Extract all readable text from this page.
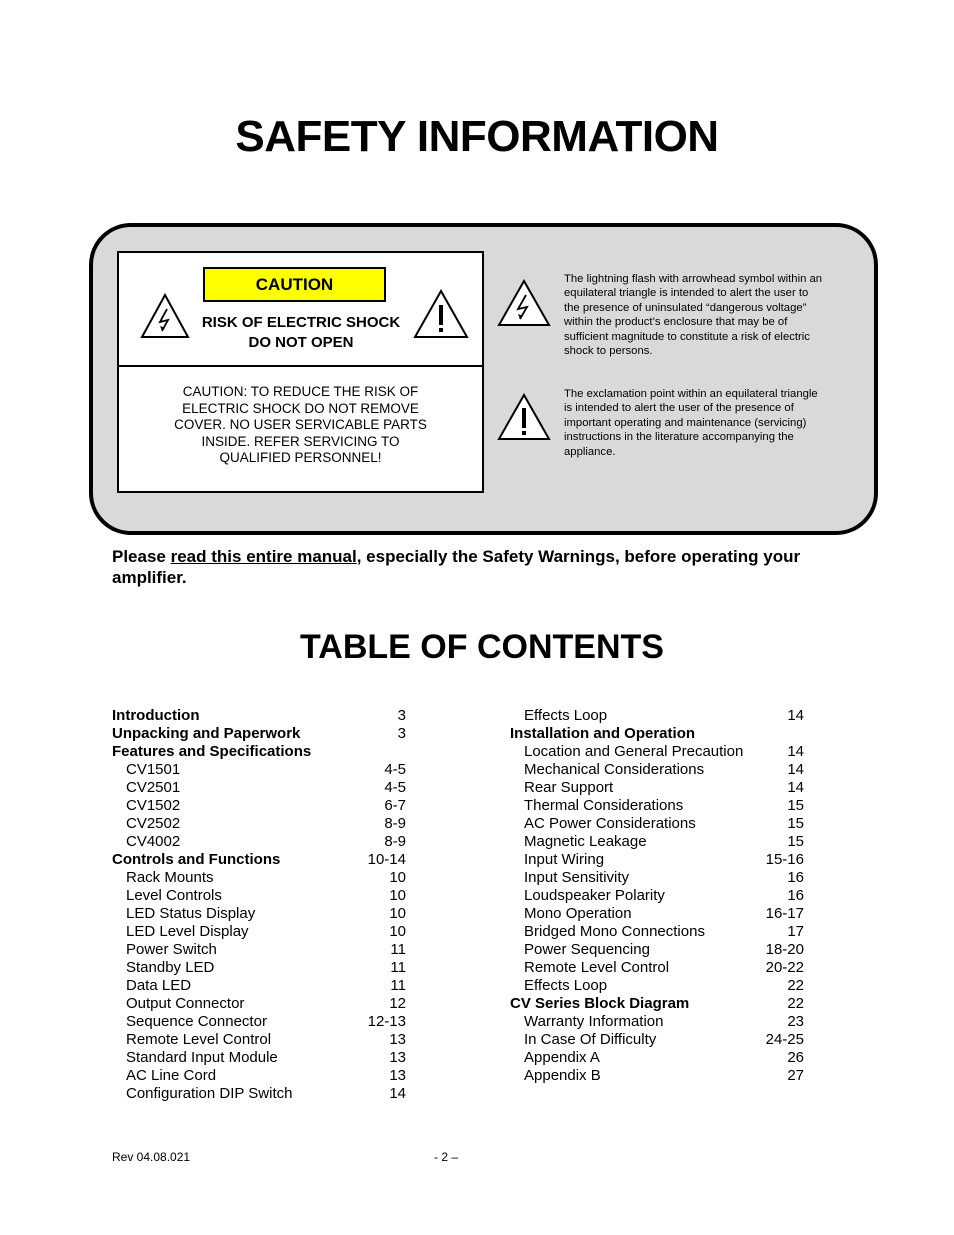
SAFETY INFORMATION
CAUTION
RISK OF ELECTRIC SHOCK
DO NOT OPEN
CAUTION: TO REDUCE THE RISK OF
ELECTRIC SHOCK DO NOT REMOVE
COVER. NO USER SERVICABLE PARTS
INSIDE. REFER SERVICING TO
QUALIFIED PERSONNEL!
The lightning flash with arrowhead symbol within an
equilateral triangle is intended to alert the user to
the presence of uninsulated “dangerous voltage”
within the product’s enclosure that may be of
sufficient magnitude to constitute a risk of electric
shock to persons.
The exclamation point within an equilateral triangle
is intended to alert the user of the presence of
important operating and maintenance (servicing)
instructions in the literature accompanying the
appliance.
Please read this entire manual, especially the Safety Warnings, before operating your
amplifier.
TABLE OF CONTENTS
Introduction	3
Unpacking and Paperwork	3
Features and Specifications
CV1501	4-5
CV2501	4-5
CV1502	6-7
CV2502	8-9
CV4002	8-9
Controls and Functions	10-14
Rack Mounts	10
Level Controls	10
LED Status Display	10
LED Level Display	10
Power Switch	11
Standby LED	11
Data LED	11
Output Connector	12
Sequence Connector	12-13
Remote Level Control	13
Standard Input Module	13
AC Line Cord	13
Configuration DIP Switch	14
Effects Loop	14
Installation and Operation
Location and General Precaution	14
Mechanical Considerations	14
Rear Support	14
Thermal Considerations	15
AC Power Considerations	15
Magnetic Leakage	15
Input Wiring	15-16
Input Sensitivity	16
Loudspeaker Polarity	16
Mono Operation	16-17
Bridged Mono Connections	17
Power Sequencing	18-20
Remote Level Control	20-22
Effects Loop	22
CV Series Block Diagram	22
Warranty Information	23
In Case Of Difficulty	24-25
Appendix A	26
Appendix B	27
Rev 04.08.021	- 2 –
